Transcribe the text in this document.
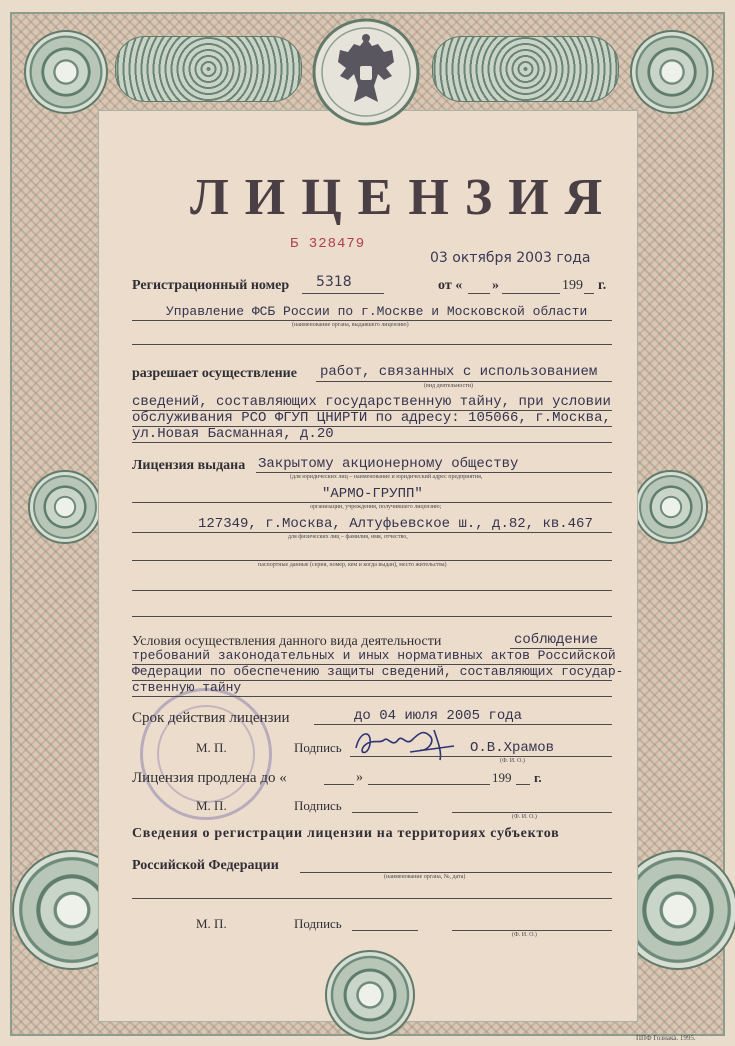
ЛИЦЕНЗИЯ
Б 328479
03 октября 2003 года
Регистрационный номер 5318	от « »	199 г.
Управление ФСБ России по г.Москве и Московской области
(наименование органа, выдавшего лицензию)
разрешает осуществление работ, связанных с использованием
(вид деятельности)
сведений, составляющих государственную тайну, при условии
обслуживания РСО ФГУП ЦНИРТИ по адресу: 105066, г.Москва,
ул.Новая Басманная, д.20
Лицензия выдана Закрытому акционерному обществу
(для юридических лиц – наименование и юридический адрес предприятия,
"АРМО-ГРУПП"
организации, учреждения, получившего лицензию;
127349, г.Москва, Алтуфьевское ш., д.82, кв.467
для физических лиц – фамилия, имя, отчество,
паспортные данные (серия, номер, кем и когда выдан), место жительства)
Условия осуществления данного вида деятельности	соблюдение
требований законодательных и иных нормативных актов Российской
Федерации по обеспечению защиты сведений, составляющих государ-
ственную тайну
Срок действия лицензии	до 04 июля 2005 года
М. П.	Подпись	О.В.Храмов
(Ф. И. О.)
Лицензия продлена до «	»	199 г.
М. П.	Подпись
(Ф. И. О.)
Сведения о регистрации лицензии на территориях субъектов
Российской Федерации
(наименование органа, №, дата)
М. П.	Подпись
(Ф. И. О.)
ППФ Гознака. 1995.
